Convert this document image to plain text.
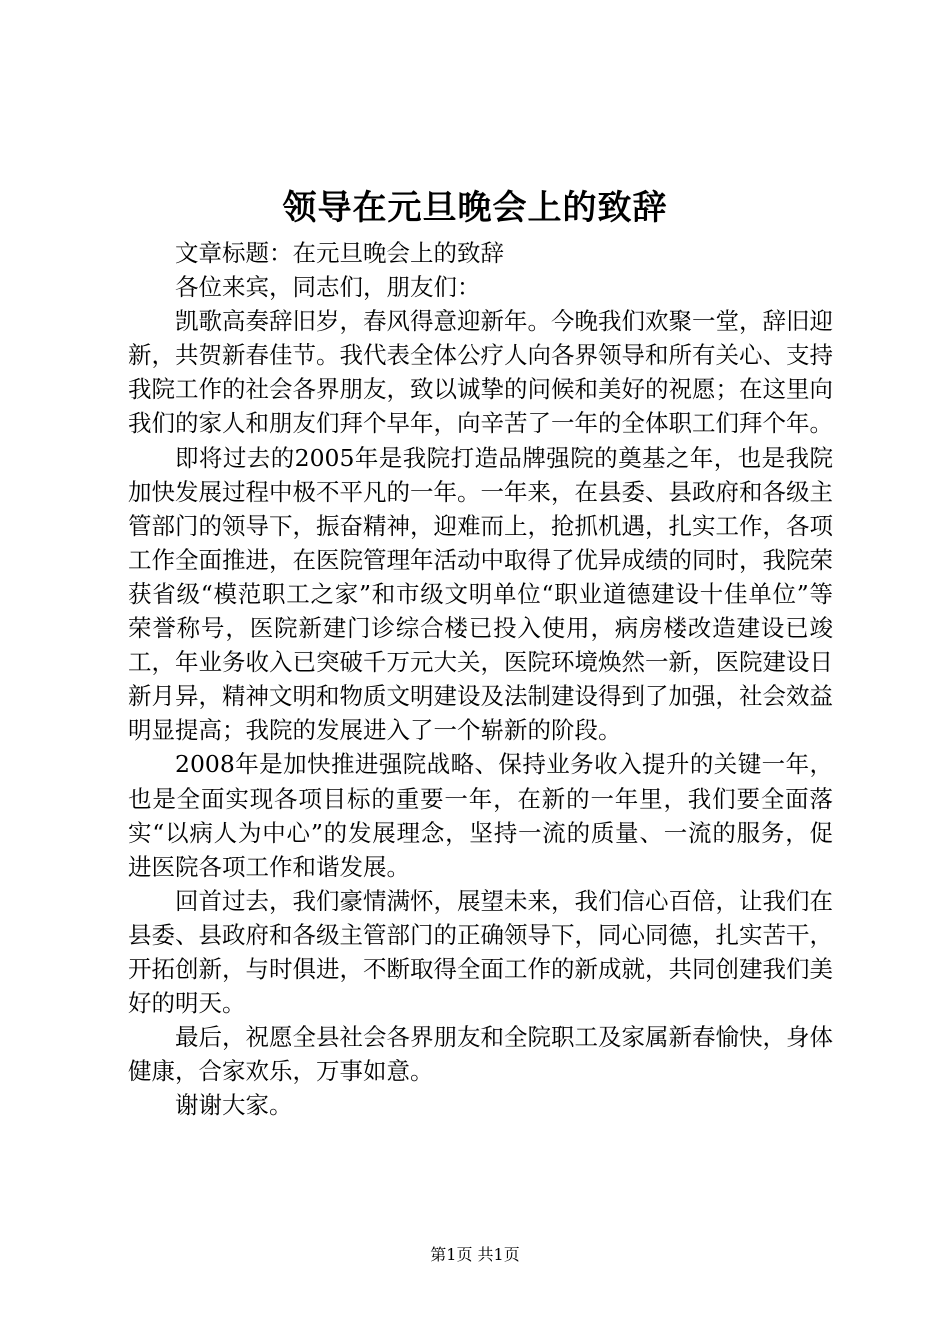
领导在元旦晚会上的致辞

文章标题：在元旦晚会上的致辞

各位来宾，同志们，朋友们：

凯歌高奏辞旧岁，春风得意迎新年。今晚我们欢聚一堂，辞旧迎新，共贺新春佳节。我代表全体公疗人向各界领导和所有关心、支持我院工作的社会各界朋友，致以诚挚的问候和美好的祝愿；在这里向我们的家人和朋友们拜个早年，向辛苦了一年的全体职工们拜个年。

即将过去的2005年是我院打造品牌强院的奠基之年，也是我院加快发展过程中极不平凡的一年。一年来，在县委、县政府和各级主管部门的领导下，振奋精神，迎难而上，抢抓机遇，扎实工作，各项工作全面推进，在医院管理年活动中取得了优异成绩的同时，我院荣获省级“模范职工之家”和市级文明单位“职业道德建设十佳单位”等荣誉称号，医院新建门诊综合楼已投入使用，病房楼改造建设已竣工，年业务收入已突破千万元大关，医院环境焕然一新，医院建设日新月异，精神文明和物质文明建设及法制建设得到了加强，社会效益明显提高；我院的发展进入了一个崭新的阶段。

2008年是加快推进强院战略、保持业务收入提升的关键一年，也是全面实现各项目标的重要一年，在新的一年里，我们要全面落实“以病人为中心”的发展理念，坚持一流的质量、一流的服务，促进医院各项工作和谐发展。

回首过去，我们豪情满怀，展望未来，我们信心百倍，让我们在县委、县政府和各级主管部门的正确领导下，同心同德，扎实苦干，开拓创新，与时俱进，不断取得全面工作的新成就，共同创建我们美好的明天。

最后，祝愿全县社会各界朋友和全院职工及家属新春愉快，身体健康，合家欢乐，万事如意。

谢谢大家。

第1页 共1页
